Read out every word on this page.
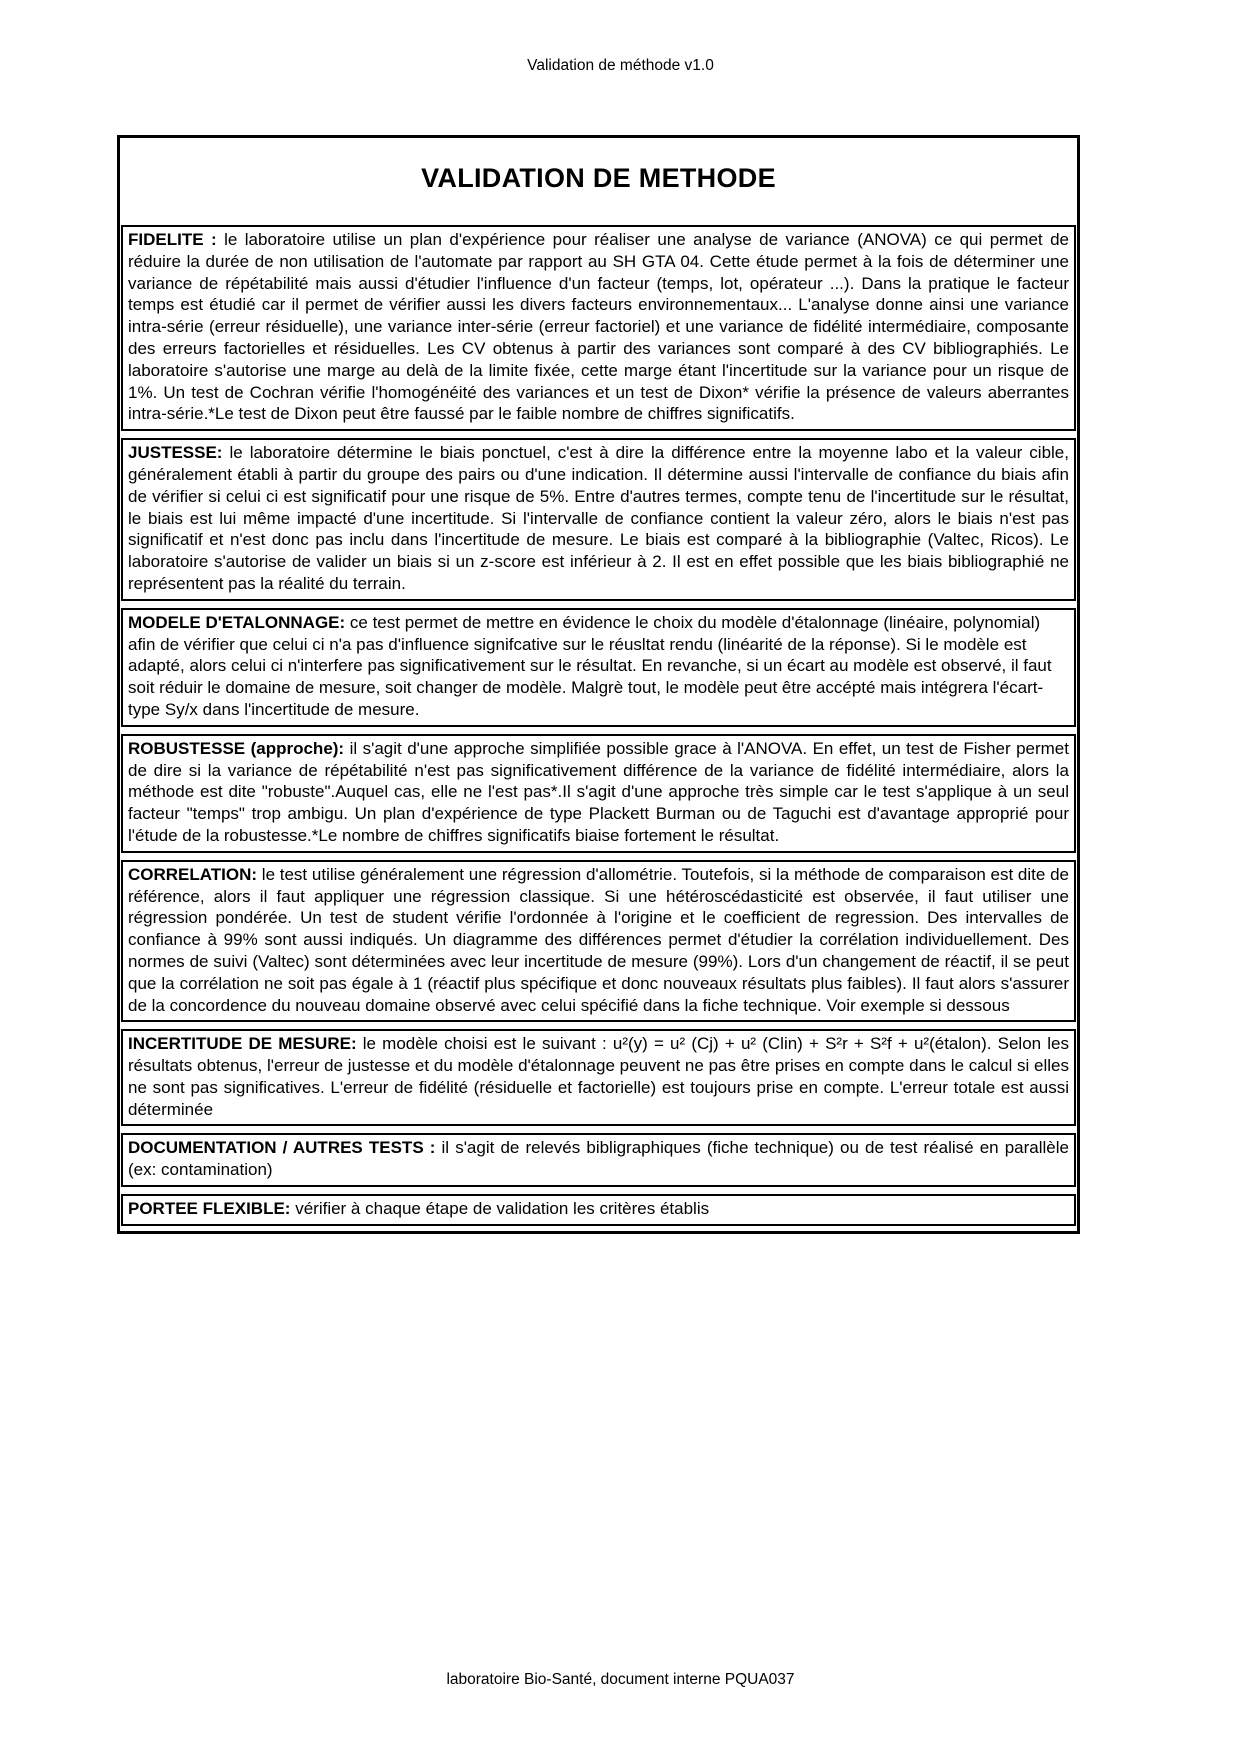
Validation de méthode v1.0
VALIDATION DE METHODE
FIDELITE : le laboratoire utilise un plan d'expérience pour réaliser une analyse de variance (ANOVA) ce qui permet de réduire la durée de non utilisation de l'automate par rapport au SH GTA 04. Cette étude permet à la fois de déterminer une variance de répétabilité mais aussi d'étudier l'influence d'un facteur (temps, lot, opérateur ...). Dans la pratique le facteur temps est étudié car il permet de vérifier aussi les divers facteurs environnementaux... L'analyse donne ainsi une variance intra-série (erreur résiduelle), une variance inter-série (erreur factoriel) et une variance de fidélité intermédiaire, composante des erreurs factorielles et résiduelles. Les CV obtenus à partir des variances sont comparé à des CV bibliographiés. Le laboratoire s'autorise une marge au delà de la limite fixée, cette marge étant l'incertitude sur la variance pour un risque de 1%. Un test de Cochran vérifie l'homogénéité des variances et un test de Dixon* vérifie la présence de valeurs aberrantes intra-série.*Le test de Dixon peut être faussé par le faible nombre de chiffres significatifs.
JUSTESSE: le laboratoire détermine le biais ponctuel, c'est à dire la différence entre la moyenne labo et la valeur cible, généralement établi à partir du groupe des pairs ou d'une indication. Il détermine aussi l'intervalle de confiance du biais afin de vérifier si celui ci est significatif pour une risque de 5%. Entre d'autres termes, compte tenu de l'incertitude sur le résultat, le biais est lui même impacté d'une incertitude. Si l'intervalle de confiance contient la valeur zéro, alors le biais n'est pas significatif et n'est donc pas inclu dans l'incertitude de mesure. Le biais est comparé à la bibliographie (Valtec, Ricos). Le laboratoire s'autorise de valider un biais si un z-score est inférieur à 2. Il est en effet possible que les biais bibliographié ne représentent pas la réalité du terrain.
MODELE D'ETALONNAGE: ce test permet de mettre en évidence le choix du modèle d'étalonnage (linéaire, polynomial) afin de vérifier que celui ci n'a pas d'influence signifcative sur le réusltat rendu (linéarité de la réponse). Si le modèle est adapté, alors celui ci n'interfere pas significativement sur le résultat. En revanche, si un écart au modèle est observé, il faut soit réduir le domaine de mesure, soit changer de modèle. Malgrè tout, le modèle peut être accépté mais intégrera l'écart-type Sy/x dans l'incertitude de mesure.
ROBUSTESSE (approche): il s'agit d'une approche simplifiée possible grace à l'ANOVA. En effet, un test de Fisher permet de dire si la variance de répétabilité n'est pas significativement différence de la variance de fidélité intermédiaire, alors la méthode est dite "robuste".Auquel cas, elle ne l'est pas*.Il s'agit d'une approche très simple car le test s'applique à un seul facteur "temps" trop ambigu. Un plan d'expérience de type Plackett Burman ou de Taguchi est d'avantage approprié pour l'étude de la robustesse.*Le nombre de chiffres significatifs biaise fortement le résultat.
CORRELATION: le test utilise généralement une régression d'allométrie. Toutefois, si la méthode de comparaison est dite de référence, alors il faut appliquer une régression classique. Si une hétéroscédasticité est observée, il faut utiliser une régression pondérée. Un test de student vérifie l'ordonnée à l'origine et le coefficient de regression. Des intervalles de confiance à 99% sont aussi indiqués. Un diagramme des différences permet d'étudier la corrélation individuellement. Des normes de suivi (Valtec) sont déterminées avec leur incertitude de mesure (99%). Lors d'un changement de réactif, il se peut que la corrélation ne soit pas égale à 1 (réactif plus spécifique et donc nouveaux résultats plus faibles). Il faut alors s'assurer de la concordence du nouveau domaine observé avec celui spécifié dans la fiche technique. Voir exemple si dessous
INCERTITUDE DE MESURE: le modèle choisi est le suivant : u²(y) = u² (Cj) + u² (Clin) + S²r + S²f + u²(étalon). Selon les résultats obtenus, l'erreur de justesse et du modèle d'étalonnage peuvent ne pas être prises en compte dans le calcul si elles ne sont pas significatives. L'erreur de fidélité (résiduelle et factorielle) est toujours prise en compte. L'erreur totale est aussi déterminée
DOCUMENTATION / AUTRES TESTS : il s'agit de relevés bibligraphiques (fiche technique) ou de test réalisé en parallèle (ex: contamination)
PORTEE FLEXIBLE: vérifier à chaque étape de validation les critères établis
laboratoire Bio-Santé, document interne PQUA037
